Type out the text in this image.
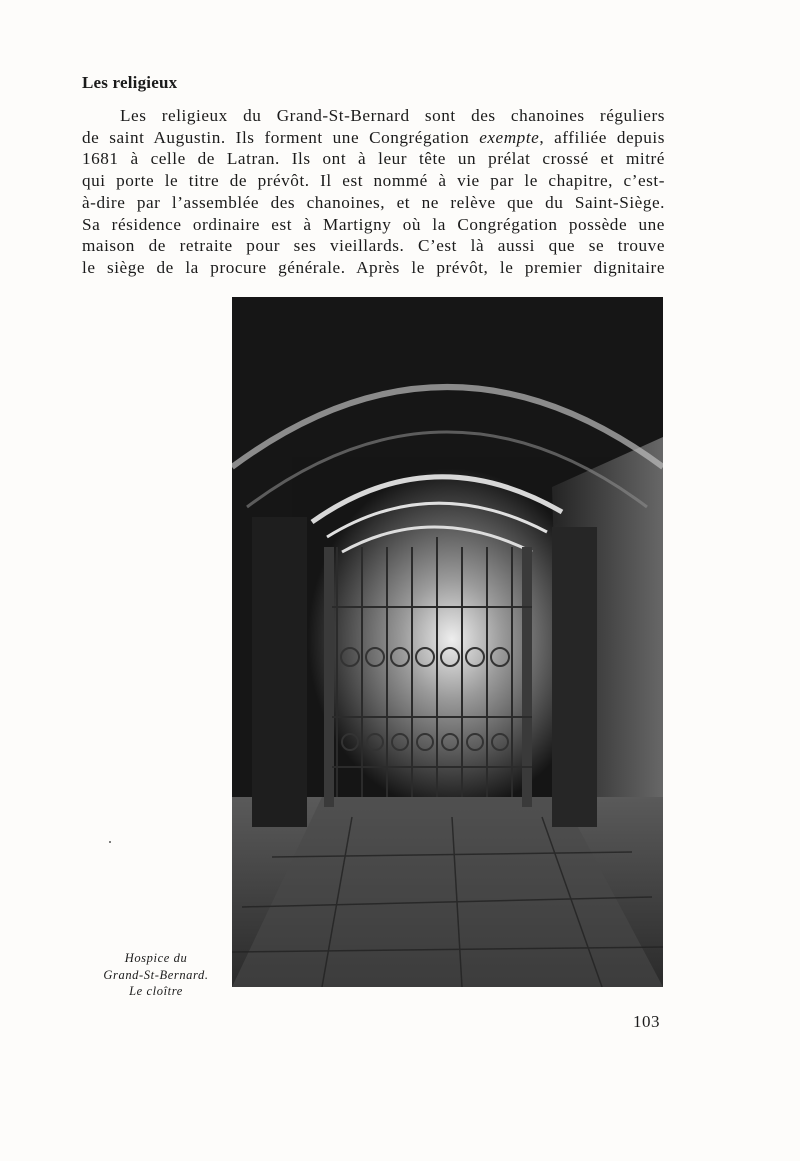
Les religieux
Les religieux du Grand-St-Bernard sont des chanoines réguliers
de saint Augustin. Ils forment une Congrégation exempte, affiliée depuis
1681 à celle de Latran. Ils ont à leur tête un prélat crossé et mitré
qui porte le titre de prévôt. Il est nommé à vie par le chapitre, c’est-
à-dire par l’assemblée des chanoines, et ne relève que du Saint-Siège.
Sa résidence ordinaire est à Martigny où la Congrégation possède une
maison de retraite pour ses vieillards. C’est là aussi que se trouve
le siège de la procure générale. Après le prévôt, le premier dignitaire
Hospice du
Grand-St-Bernard.
Le cloître
103
